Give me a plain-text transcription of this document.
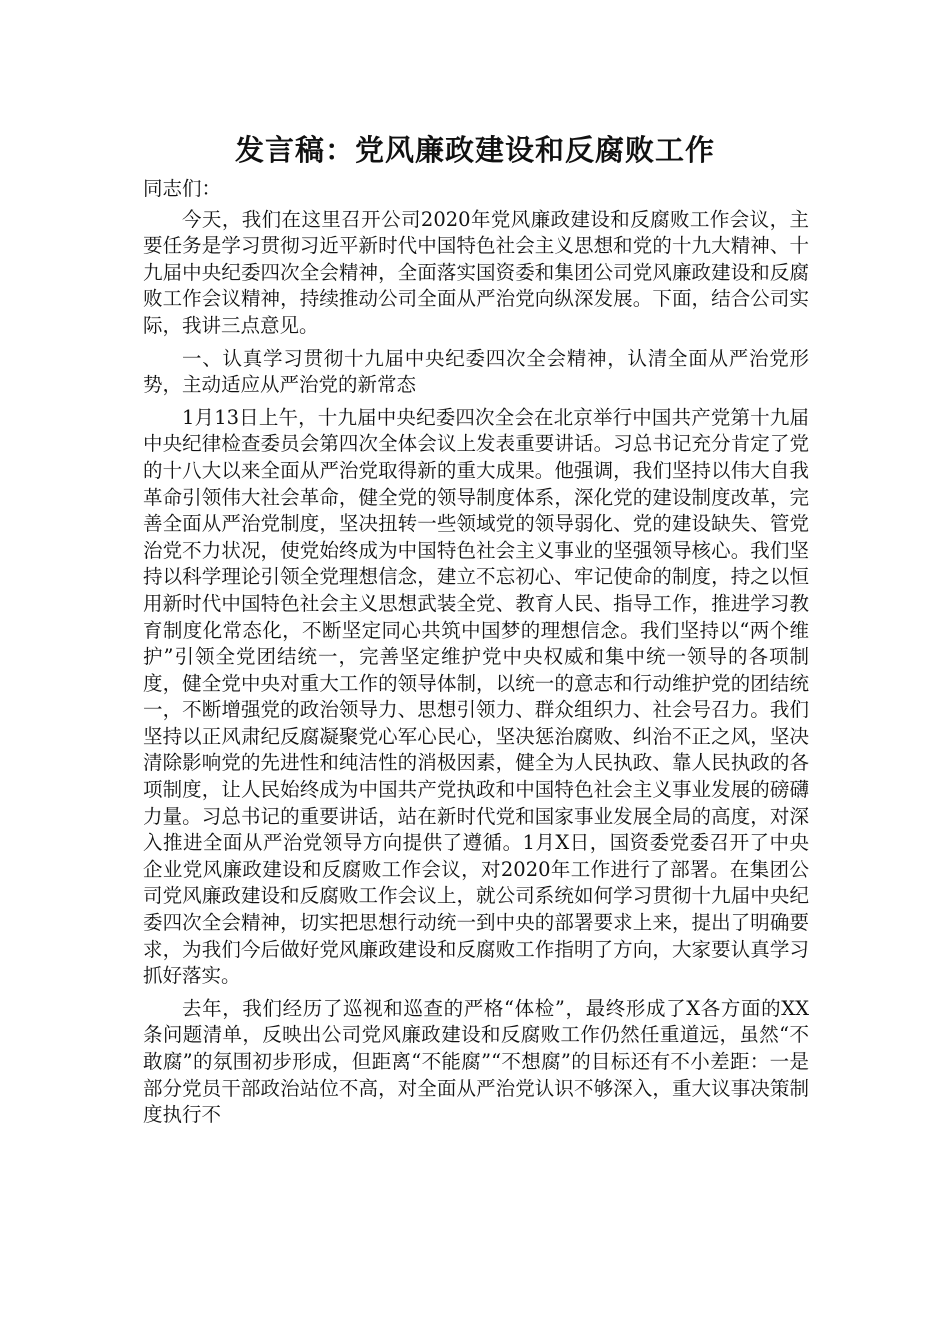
发言稿：党风廉政建设和反腐败工作

同志们：

今天，我们在这里召开公司2020年党风廉政建设和反腐败工作会议，主要任务是学习贯彻习近平新时代中国特色社会主义思想和党的十九大精神、十九届中央纪委四次全会精神，全面落实国资委和集团公司党风廉政建设和反腐败工作会议精神，持续推动公司全面从严治党向纵深发展。下面，结合公司实际，我讲三点意见。

一、认真学习贯彻十九届中央纪委四次全会精神，认清全面从严治党形势，主动适应从严治党的新常态

1月13日上午，十九届中央纪委四次全会在北京举行中国共产党第十九届中央纪律检查委员会第四次全体会议上发表重要讲话。习总书记充分肯定了党的十八大以来全面从严治党取得新的重大成果。他强调，我们坚持以伟大自我革命引领伟大社会革命，健全党的领导制度体系，深化党的建设制度改革，完善全面从严治党制度，坚决扭转一些领域党的领导弱化、党的建设缺失、管党治党不力状况，使党始终成为中国特色社会主义事业的坚强领导核心。我们坚持以科学理论引领全党理想信念，建立不忘初心、牢记使命的制度，持之以恒用新时代中国特色社会主义思想武装全党、教育人民、指导工作，推进学习教育制度化常态化，不断坚定同心共筑中国梦的理想信念。我们坚持以“两个维护”引领全党团结统一，完善坚定维护党中央权威和集中统一领导的各项制度，健全党中央对重大工作的领导体制，以统一的意志和行动维护党的团结统一，不断增强党的政治领导力、思想引领力、群众组织力、社会号召力。我们坚持以正风肃纪反腐凝聚党心军心民心，坚决惩治腐败、纠治不正之风，坚决清除影响党的先进性和纯洁性的消极因素，健全为人民执政、靠人民执政的各项制度，让人民始终成为中国共产党执政和中国特色社会主义事业发展的磅礴力量。习总书记的重要讲话，站在新时代党和国家事业发展全局的高度，对深入推进全面从严治党领导方向提供了遵循。1月X日，国资委党委召开了中央企业党风廉政建设和反腐败工作会议，对2020年工作进行了部署。在集团公司党风廉政建设和反腐败工作会议上，就公司系统如何学习贯彻十九届中央纪委四次全会精神，切实把思想行动统一到中央的部署要求上来，提出了明确要求，为我们今后做好党风廉政建设和反腐败工作指明了方向，大家要认真学习抓好落实。

去年，我们经历了巡视和巡查的严格“体检”，最终形成了X各方面的XX条问题清单，反映出公司党风廉政建设和反腐败工作仍然任重道远，虽然“不敢腐”的氛围初步形成，但距离“不能腐”“不想腐”的目标还有不小差距：一是部分党员干部政治站位不高，对全面从严治党认识不够深入，重大议事决策制度执行不
